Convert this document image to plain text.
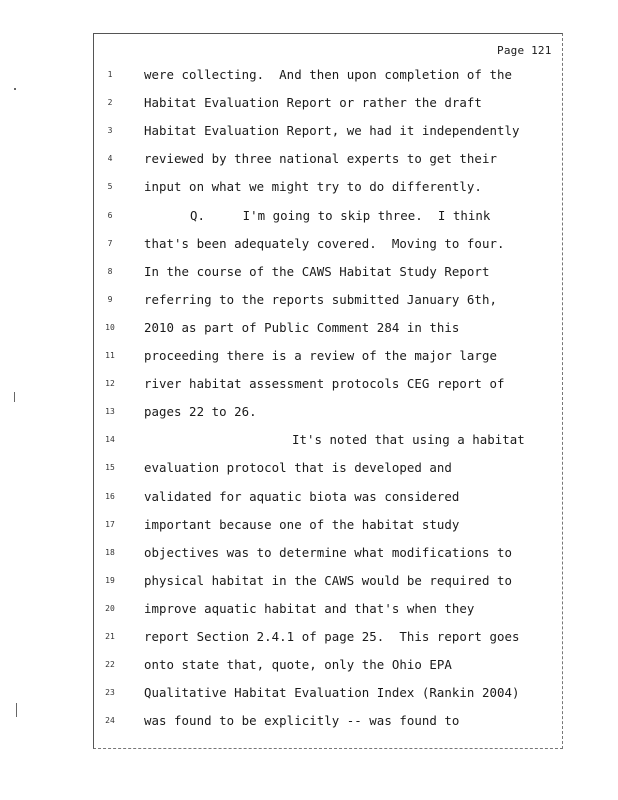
Page 121
1	were collecting.  And then upon completion of the
2	Habitat Evaluation Report or rather the draft
3	Habitat Evaluation Report, we had it independently
4	reviewed by three national experts to get their
5	input on what we might try to do differently.
6	Q.     I'm going to skip three.  I think
7	that's been adequately covered.  Moving to four.
8	In the course of the CAWS Habitat Study Report
9	referring to the reports submitted January 6th,
10	2010 as part of Public Comment 284 in this
11	proceeding there is a review of the major large
12	river habitat assessment protocols CEG report of
13	pages 22 to 26.
14	It's noted that using a habitat
15	evaluation protocol that is developed and
16	validated for aquatic biota was considered
17	important because one of the habitat study
18	objectives was to determine what modifications to
19	physical habitat in the CAWS would be required to
20	improve aquatic habitat and that's when they
21	report Section 2.4.1 of page 25.  This report goes
22	onto state that, quote, only the Ohio EPA
23	Qualitative Habitat Evaluation Index (Rankin 2004)
24	was found to be explicitly -- was found to
